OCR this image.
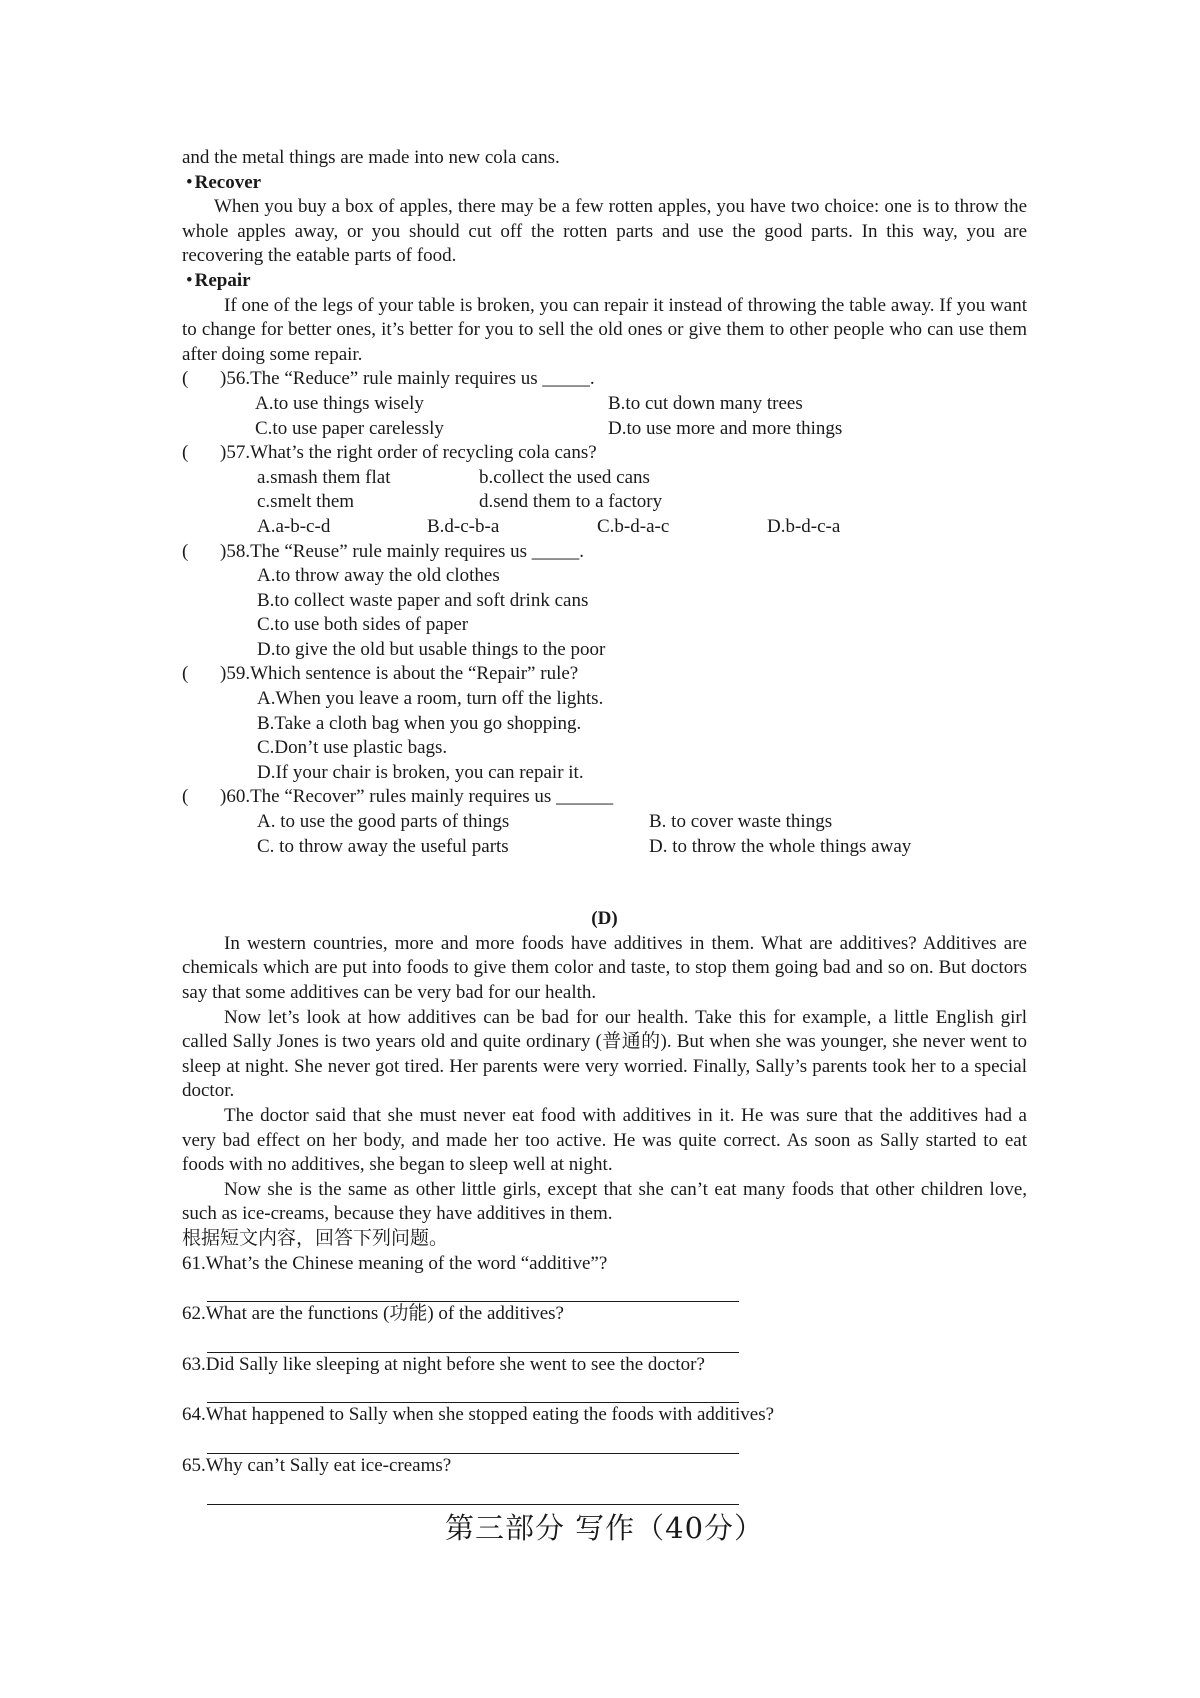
and the metal things are made into new cola cans.

• Recover

When you buy a box of apples, there may be a few rotten apples, you have two choice: one is to throw the whole apples away, or you should cut off the rotten parts and use the good parts. In this way, you are recovering the eatable parts of food.

• Repair

If one of the legs of your table is broken, you can repair it instead of throwing the table away. If you want to change for better ones, it’s better for you to sell the old ones or give them to other people who can use them after doing some repair.

(	)56.The “Reduce” rule mainly requires us _____.
A.to use things wisely	B.to cut down many trees
C.to use paper carelessly	D.to use more and more things
(	)57.What’s the right order of recycling cola cans?
a.smash them flat	b.collect the used cans
c.smelt them	d.send them to a factory
A.a-b-c-d	B.d-c-b-a	C.b-d-a-c	D.b-d-c-a
(	)58.The “Reuse” rule mainly requires us _____.

A.to throw away the old clothes

B.to collect waste paper and soft drink cans

C.to use both sides of paper

D.to give the old but usable things to the poor

(	)59.Which sentence is about the “Repair” rule?

A.When you leave a room, turn off the lights.

B.Take a cloth bag when you go shopping.

C.Don’t use plastic bags.

D.If your chair is broken, you can repair it.

(	)60.The “Recover” rules mainly requires us ______
A. to use the good parts of things	B. to cover waste things
C. to throw away the useful parts	D. to throw the whole things away

(D)

In western countries, more and more foods have additives in them. What are additives? Additives are chemicals which are put into foods to give them color and taste, to stop them going bad and so on. But doctors say that some additives can be very bad for our health.

Now let’s look at how additives can be bad for our health. Take this for example, a little English girl called Sally Jones is two years old and quite ordinary (普通的). But when she was younger, she never went to sleep at night. She never got tired. Her parents were very worried. Finally, Sally’s parents took her to a special doctor.

The doctor said that she must never eat food with additives in it. He was sure that the additives had a very bad effect on her body, and made her too active. He was quite correct. As soon as Sally started to eat foods with no additives, she began to sleep well at night.

Now she is the same as other little girls, except that she can’t eat many foods that other children love, such as ice-creams, because they have additives in them.

根据短文内容，回答下列问题。

61.What’s the Chinese meaning of the word “additive”?

62.What are the functions (功能) of the additives?

63.Did Sally like sleeping at night before she went to see the doctor?

64.What happened to Sally when she stopped eating the foods with additives?

65.Why can’t Sally eat ice-creams?

第三部分 写作（40分）
